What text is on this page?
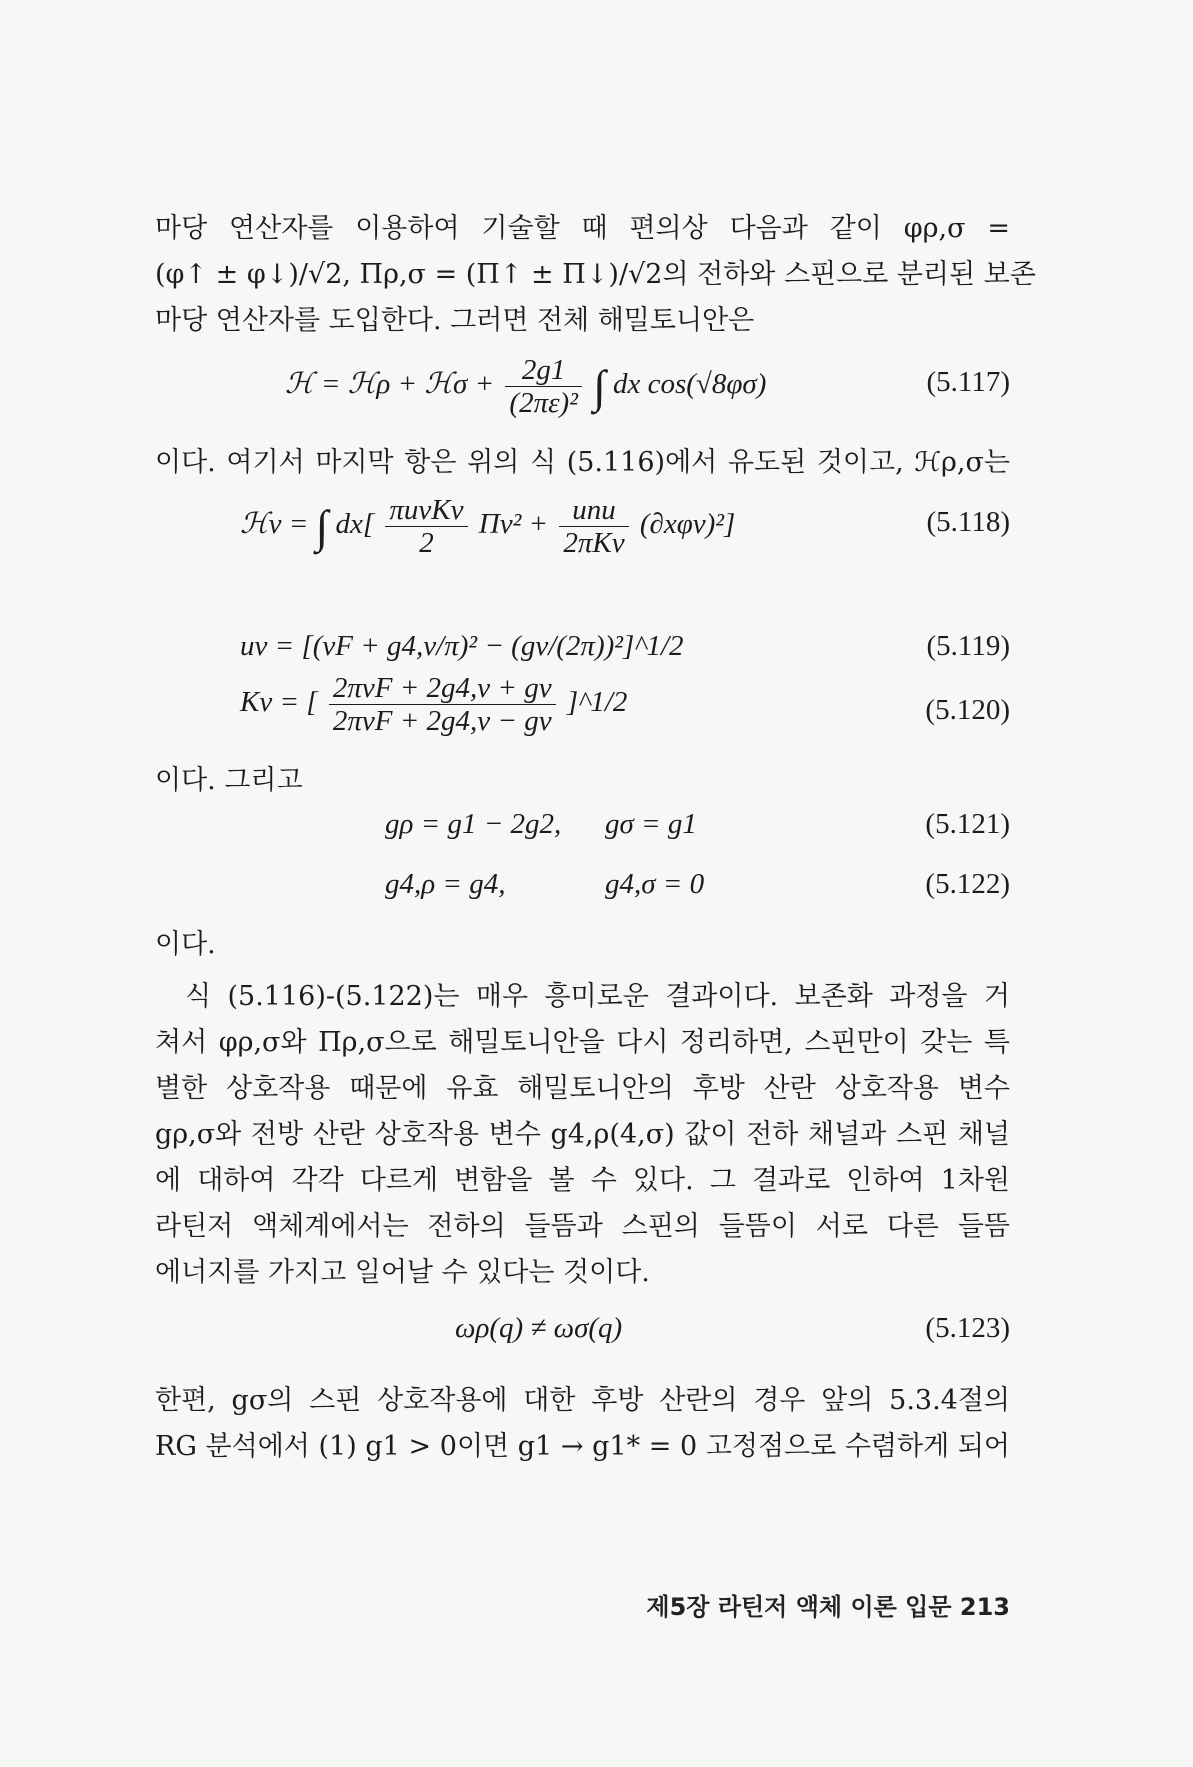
마당 연산자를 이용하여 기술할 때 편의상 다음과 같이 φρ,σ =
(φ↑ ± φ↓)/√2, Πρ,σ = (Π↑ ± Π↓)/√2의 전하와 스핀으로 분리된 보존
마당 연산자를 도입한다. 그러면 전체 해밀토니안은
ℋ = ℋρ + ℋσ + $\frac{2g1}{\text{(2πε)²}}$ ∫ dx cos(√8φσ)	(5.117)
이다. 여기서 마지막 항은 위의 식 (5.116)에서 유도된 것이고, ℋρ,σ는
ℋν = ∫ $dx[ \frac{\text{πuνKν}}{2} \Pi\nu^2 + \frac{\text{unu}}{\text{2πKν}} (\partial x\varphi\nu)^2]$	(5.118)
uν = [(vF + g4,ν/π)² − (gν/(2π))²]^1/2	(5.119)
Kν = [ $\frac{\text{2πvF + 2g4,ν + gν}}{\text{2πvF + 2g4,ν − gν}}$ ]^1/2	(5.120)
이다. 그리고
gρ = g1 − 2g2, gσ = g1	(5.121)
g4,ρ = g4,	g4,σ = 0	(5.122)
이다.
식 (5.116)-(5.122)는 매우 흥미로운 결과이다. 보존화 과정을 거
쳐서 φρ,σ와 Πρ,σ으로 해밀토니안을 다시 정리하면, 스핀만이 갖는 특
별한 상호작용 때문에 유효 해밀토니안의 후방 산란 상호작용 변수
gρ,σ와 전방 산란 상호작용 변수 g4,ρ(4,σ) 값이 전하 채널과 스핀 채널
에 대하여 각각 다르게 변함을 볼 수 있다. 그 결과로 인하여 1차원
라틴저 액체계에서는 전하의 들뜸과 스핀의 들뜸이 서로 다른 들뜸
에너지를 가지고 일어날 수 있다는 것이다.
ωρ(q) ≠ ωσ(q)	(5.123)
한편, gσ의 스핀 상호작용에 대한 후방 산란의 경우 앞의 5.3.4절의
RG 분석에서 (1) g1 > 0이면 g1 → g1* = 0 고정점으로 수렴하게 되어
제5장 라틴저 액체 이론 입문 213
